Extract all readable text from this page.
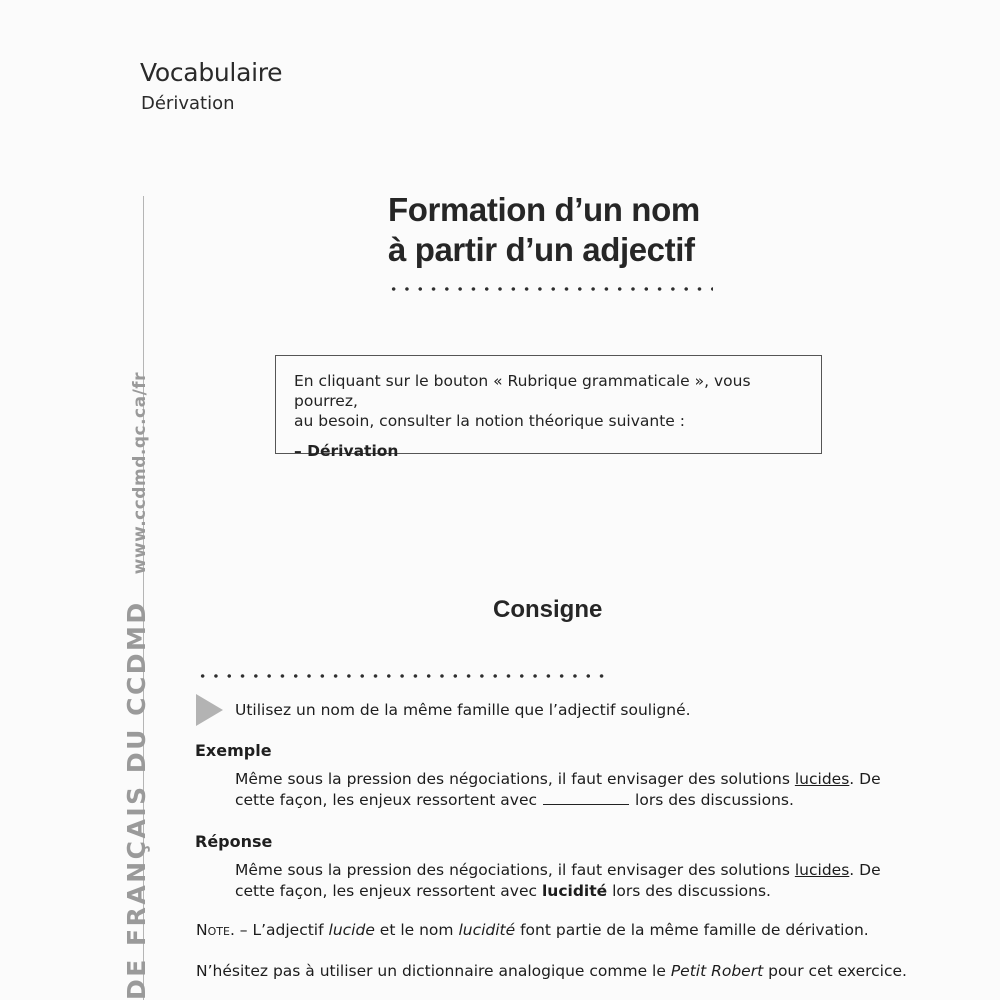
Vocabulaire
Dérivation
DE FRANÇAIS DU CCDMDwww.ccdmd.qc.ca/fr
Formation d’un nom
à partir d’un adjectif
En cliquant sur le bouton « Rubrique grammaticale », vous pourrez,
au besoin, consulter la notion théorique suivante :
– Dérivation
Consigne
Utilisez un nom de la même famille que l’adjectif souligné.
Exemple
Même sous la pression des négociations, il faut envisager des solutions lucides. De cette façon, les enjeux ressortent avec	lors des discussions.
Réponse
Même sous la pression des négociations, il faut envisager des solutions lucides. De cette façon, les enjeux ressortent avec lucidité lors des discussions.
Note. – L’adjectif lucide et le nom lucidité font partie de la même famille de dérivation.
N’hésitez pas à utiliser un dictionnaire analogique comme le Petit Robert pour cet exercice.
